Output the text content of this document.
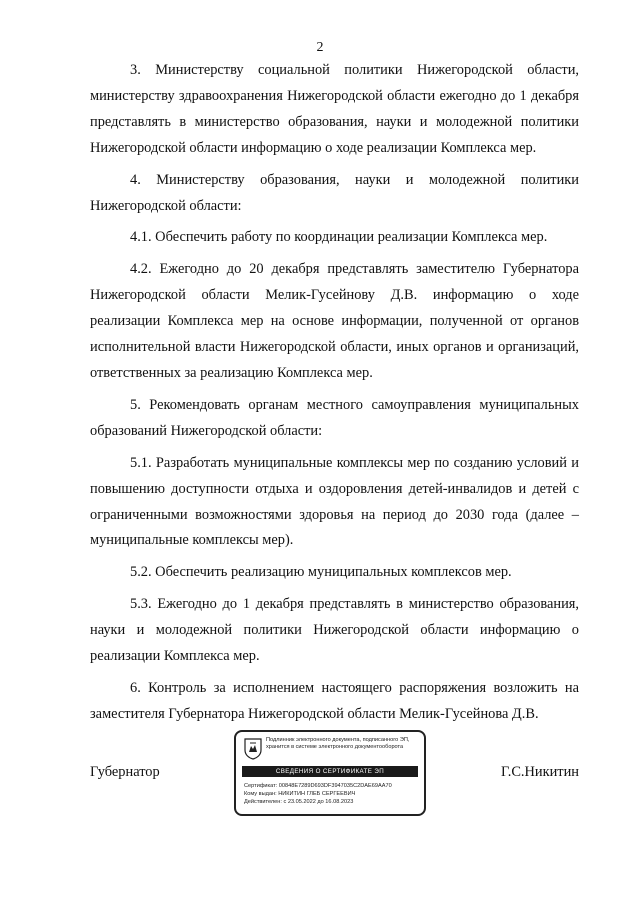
2

3. Министерству социальной политики Нижегородской области, министерству здравоохранения Нижегородской области ежегодно до 1 декабря представлять в министерство образования, науки и молодежной политики Нижегородской области информацию о ходе реализации Комплекса мер.

4. Министерству образования, науки и молодежной политики Нижегородской области:

4.1. Обеспечить работу по координации реализации Комплекса мер.

4.2. Ежегодно до 20 декабря представлять заместителю Губернатора Нижегородской области Мелик-Гусейнову Д.В. информацию о ходе реализации Комплекса мер на основе информации, полученной от органов исполнительной власти Нижегородской области, иных органов и организаций, ответственных за реализацию Комплекса мер.

5. Рекомендовать органам местного самоуправления муниципальных образований Нижегородской области:

5.1. Разработать муниципальные комплексы мер по созданию условий и повышению доступности отдыха и оздоровления детей-инвалидов и детей с ограниченными возможностями здоровья на период до 2030 года (далее – муниципальные комплексы мер).

5.2. Обеспечить реализацию муниципальных комплексов мер.

5.3. Ежегодно до 1 декабря представлять в министерство образования, науки и молодежной политики Нижегородской области информацию о реализации Комплекса мер.

6. Контроль за исполнением настоящего распоряжения возложить на заместителя Губернатора Нижегородской области Мелик-Гусейнова Д.В.

Губернатор
Подлинник электронного документа, подписанного ЭП, хранится в системе электронного документооборота
СВЕДЕНИЯ О СЕРТИФИКАТЕ ЭП
Сертификат: 00848E7289D693DF3947035C2DAE69AA70
Кому выдан: НИКИТИН ГЛЕБ СЕРГЕЕВИЧ
Действителен: с 23.05.2022 до 16.08.2023
Г.С.Никитин
